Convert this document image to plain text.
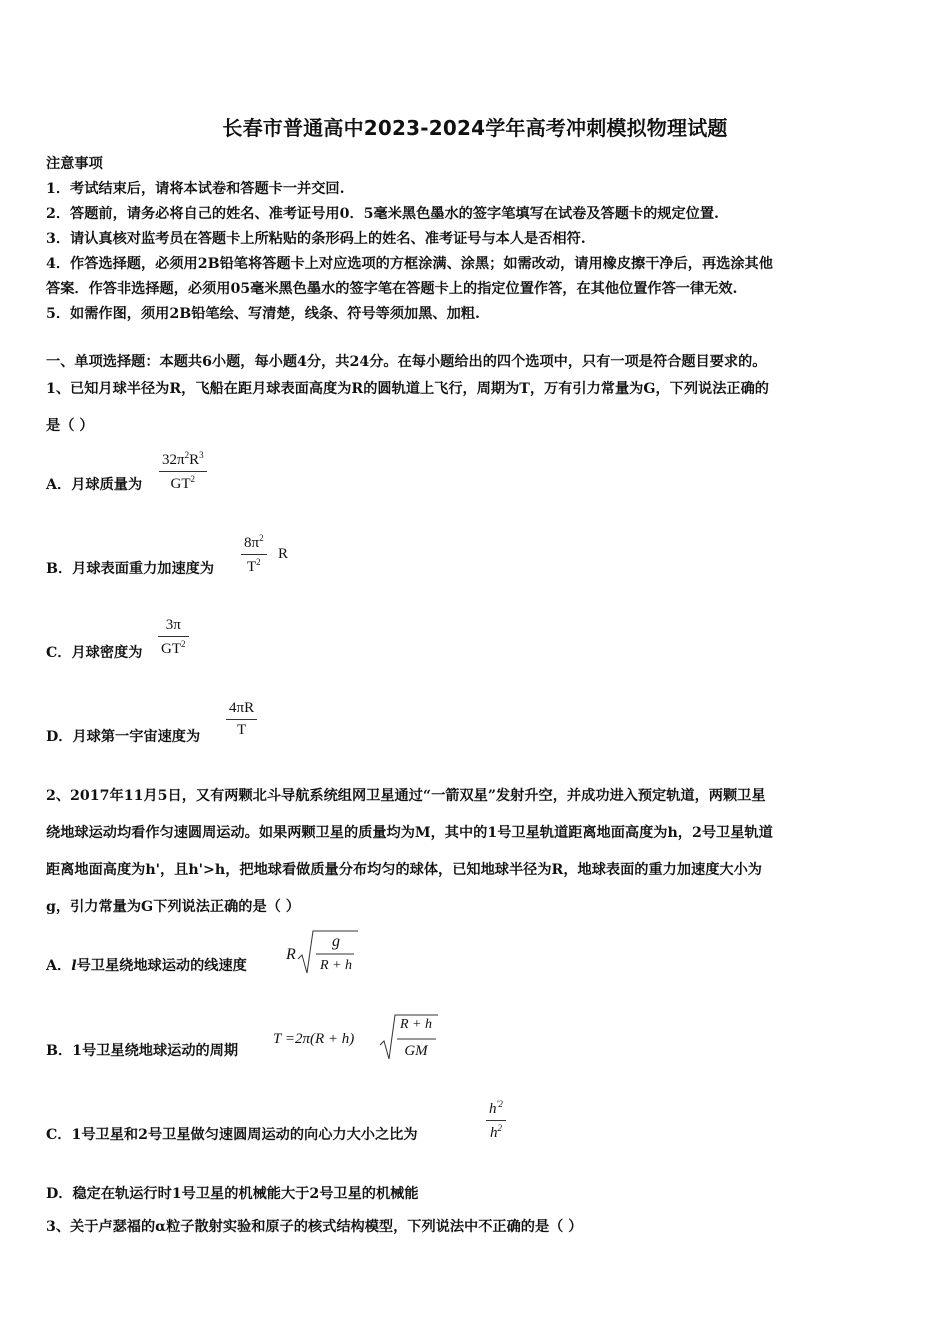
长春市普通高中2023-2024学年高考冲刺模拟物理试题
注意事项
1．考试结束后，请将本试卷和答题卡一并交回.
2．答题前，请务必将自己的姓名、准考证号用0．5毫米黑色墨水的签字笔填写在试卷及答题卡的规定位置.
3．请认真核对监考员在答题卡上所粘贴的条形码上的姓名、准考证号与本人是否相符.
4．作答选择题，必须用2B铅笔将答题卡上对应选项的方框涂满、涂黑；如需改动，请用橡皮擦干净后，再选涂其他
答案．作答非选择题，必须用05毫米黑色墨水的签字笔在答题卡上的指定位置作答，在其他位置作答一律无效.
5．如需作图，须用2B铅笔绘、写清楚，线条、符号等须加黑、加粗.
一、单项选择题：本题共6小题，每小题4分，共24分。在每小题给出的四个选项中，只有一项是符合题目要求的。
1、已知月球半径为R，飞船在距月球表面高度为R的圆轨道上飞行，周期为T，万有引力常量为G，下列说法正确的
是（ ）
A．月球质量为 $\frac{32\pi^2R^3}{GT^2}$
B．月球表面重力加速度为 $\frac{8\pi^2}{T^2}$ R
C．月球密度为 $\frac{3\pi}{GT^2}$
D．月球第一宇宙速度为 $\frac{4\pi R}{T}$
2、2017年11月5日，又有两颗北斗导航系统组网卫星通过“一箭双星”发射升空，并成功进入预定轨道，两颗卫星
绕地球运动均看作匀速圆周运动。如果两颗卫星的质量均为M，其中的1号卫星轨道距离地面高度为h，2号卫星轨道
距离地面高度为h'，且h'>h，把地球看做质量分布均匀的球体，已知地球半径为R，地球表面的重力加速度大小为
g，引力常量为G下列说法正确的是（ ）
A．l号卫星绕地球运动的线速度
R
g
R + h
B．1号卫星绕地球运动的周期
T =2π(R + h)
R + h
GM
C．1号卫星和2号卫星做匀速圆周运动的向心力大小之比为	$\frac{h^{'2}}{h^2}$
D．稳定在轨运行时1号卫星的机械能大于2号卫星的机械能
3、关于卢瑟福的α粒子散射实验和原子的核式结构模型，下列说法中不正确的是（ ）
